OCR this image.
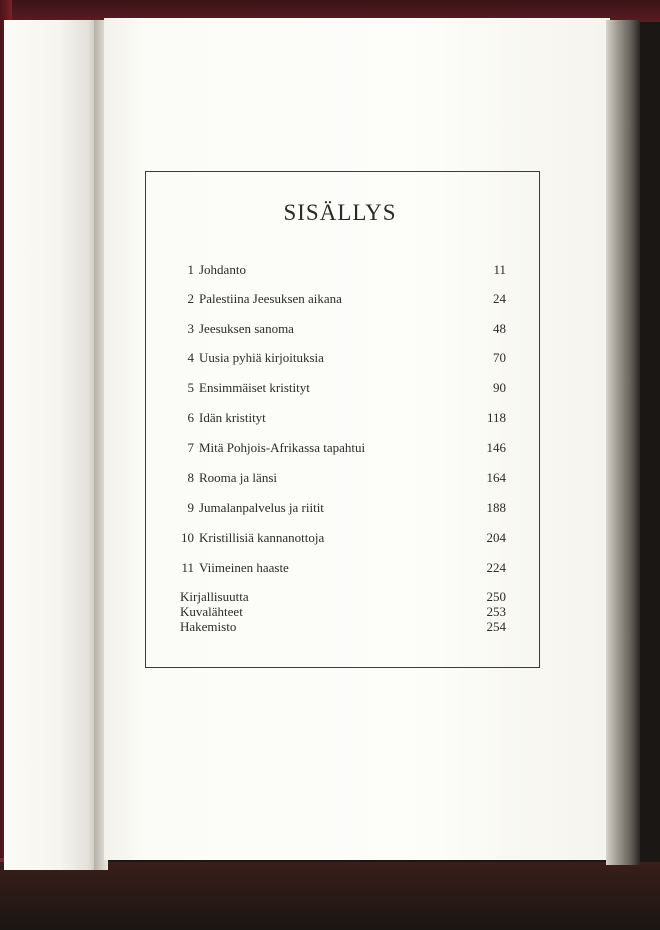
SISÄLLYS
1 Johdanto	11
2 Palestiina Jeesuksen aikana	24
3 Jeesuksen sanoma	48
4 Uusia pyhiä kirjoituksia	70
5 Ensimmäiset kristityt	90
6 Idän kristityt	118
7 Mitä Pohjois-Afrikassa tapahtui	146
8 Rooma ja länsi	164
9 Jumalanpalvelus ja riitit	188
10 Kristillisiä kannanottoja	204
11 Viimeinen haaste	224
Kirjallisuutta	250
Kuvalähteet	253
Hakemisto	254
